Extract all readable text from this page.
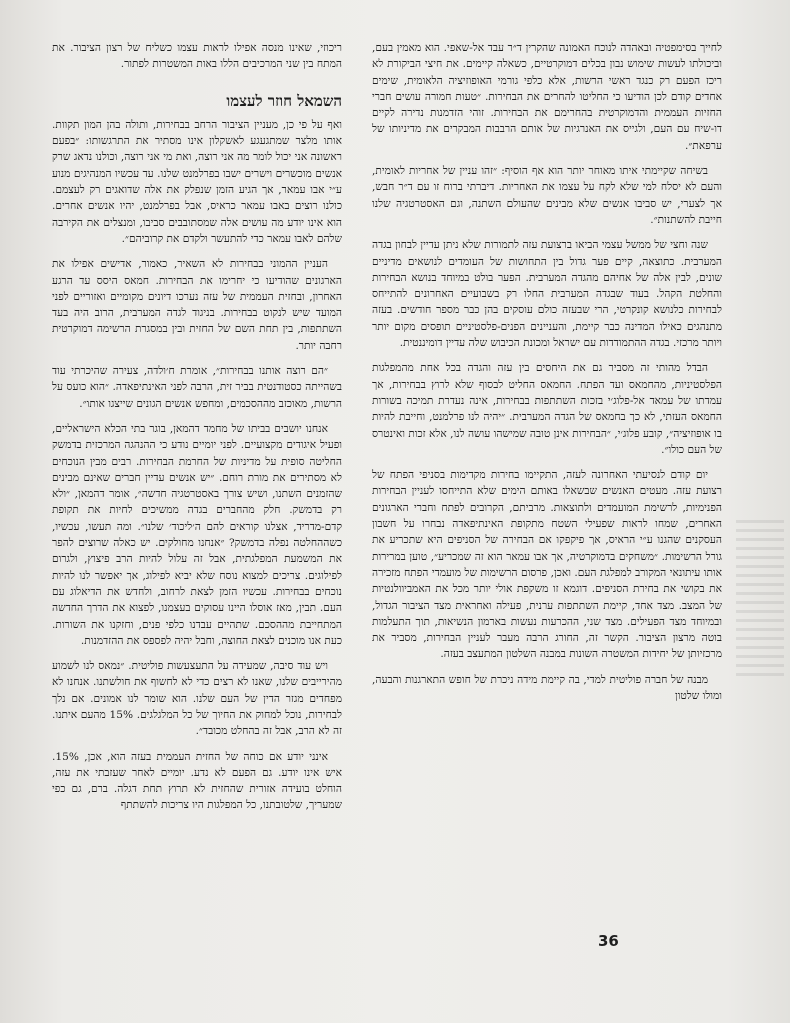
ריכוזי, שאינו מנסה אפילו לראות עצמו כשליח של רצון הציבור. את המתח בין שני המרכיבים הללו באות המשטרות לפתור.

השמאל חוזר לעצמו

ואף על פי כן, מעניין הציבור הרחב בבחירות, ותולה בהן המון תקוות. אותו מלצר שמתגעגע לאשקלון אינו מסתיר את התרגשותו: ״בפעם ראשונה אני יכול לומר מה אני רוצה, ואת מי אני רוצה, וכולנו נדאג שרק אנשים מוכשרים וישרים ישבו בפרלמנט שלנו. עד עכשיו המנהיגים מנוע ע״י אבו עמאר, אך הגיע הזמן שנפלק את אלה שדואגים רק לעצמם. כולנו רוצים באבו עמאר כראיס, אבל בפרלמנט, יהיו אנשים אחרים. הוא אינו יודע מה עושים אלה שמסתובבים סביבו, ומנצלים את הקירבה שלהם לאבו עמאר כדי להתעשר ולקדם את קרוביהם״.

העניין ההמוני בבחירות לא השאיר, כאמור, אדישים אפילו את הארגונים שהודיעו כי יחרימו את הבחירות. חמאס היסס עד הרגע האחרון, ובחזית העממית של עזה נערכו דיונים מקומיים ואזוריים לפני המועד שיש לנקוט בבחירות. בניגוד לגדה המערבית, הרוב היה בעד השתתפות, בין תחת השם של החזית ובין במסגרת הרשימה דמוקרטית רחבה יותר.

״הם רוצה אותנו בבחירות״, אומרת ח׳ולדה, צעירה שהיכרתי עוד בשהייתה כסטודנטית בביר זית, הרבה לפני האינתיפאדה. ״הוא כועס על הרשות, מאוכזב מההסכמים, ומחפש אנשים הגונים שייצגו אותו״.

אנחנו יושבים בביתו של מחמד דהמאן, בוגר בתי הכלא הישראליים, ופעיל איגודים מקצועיים. לפני יומיים נודע כי ההנהגה המרכזית בדמשק החליטה סופית על מדיניות של החרמת הבחירות. רבים מבין הנוכחים לא מסתירים את מורת רוחם. ״יש אנשים עדיין חברים שאינם מבינים שהזמנים השתנו, ושיש צורך באסטרטגיה חדשה״, אומר דהמאן, ״ולא רק בדמשק. חלק מהחברים בגדה ממשיכים לחיות את תקופת קדם-מדריד, אצלנו קוראים להם ה׳ליכוד׳ שלנו״. ומה תעשו, עכשיו, כשההחלטה נפלה בדמשק? ״אנחנו מחולקים. יש כאלה שרוצים להפר את המשמעת המפלגתית, אבל זה עלול להיות הרב פיצוץ, ולגרום לפילוגים. צריכים למצוא נוסח שלא יביא לפילוג, אך יאפשר לנו להיות נוכחים בבחירות. עכשיו הזמן לצאת לרחוב, ולחדש את הדיאלוג עם העם. תבין, מאז אוסלו היינו עסוקים בעצמנו, לפצוא את הדרך החדשה המתחייבת מההסכם. שתהיים עבדנו כלפי פנים, וחזקנו את השורות. כעת אנו מוכנים לצאת החוצה, וחבל יהיה לפספס את ההזדמנות.

ויש עוד סיבה, שמעידה על התעצעשות פוליטית. ״נמאס לנו לשמוע מהירייבים שלנו, שאנו לא רצים כדי לא לחשוף את חולשתנו. אנחנו לא מפחדים מגזר הדין של העם שלנו. הוא שומר לנו אמונים. אם נלך לבחירות, נוכל למחוק את החיוך של כל המלגלגים. 15% מהעם איתנו. זה לא הרב, אבל זה בהחלט מכובד״.

אינני יודע אם כוחה של החזית העממית בעזה הוא, אכן, 15%. איש אינו יודע. גם הפעם לא נדע. יומיים לאחר שעזבתי את עזה, הוחלט בועידה אזורית שהחזית לא תרוץ תחת דגלה. ברם, גם כפי שמעריך, שלטובתנו, כל המפלגות היו צריכות להשתתף

לחייך בסימפטיה ובאהדה לנוכח האמונה שהקרין ד״ר עבד אל-שאפי. הוא מאמין בעם, וביכולתו לעשות שימוש נבון בכלים דמוקרטיים, כשאלה קיימים. את חיצי הביקורת לא ריכז הפעם רק כנגד ראשי הרשות, אלא כלפי גורמי האופוזיציה הלאומית, שימים אחדים קודם לכן הודיעו כי החליטו להחרים את הבחירות. ״טעות חמורה עושים חברי החזיות העממית והדמוקרטית בהחרימם את הבחירות. זוהי הזדמנות נדירה לקיים דו-שיח עם העם, ולגייס את האנרגיות של אותם הרבבות המבקרים את מדיניותו של ערפאת״.

בשיחה שקיימתי איתו מאוחר יותר הוא אף הוסיף: ״זהו עניין של אחריות לאומית, והעם לא יסלח למי שלא לקח על עצמו את האחריות. דיברתי ברוח זו עם ד״ר חבש, אך לצערי, יש סביבו אנשים שלא מבינים שהעולם השתנה, וגם האסטרטגיה שלנו חייבת להשתנות״.

שנה וחצי של ממשל עצמי הביאו ברצועת עזה לתמורות שלא ניתן עדיין לבחון בגדה המערבית. כתוצאה, קיים פער גדול בין התחושות של העומדים לנושאים מדיניים שונים, לבין אלה של אחיהם מהגדה המערבית. הפער בולט במיוחד בנושא הבחירות והחלטת הקהל. בעוד שבגדה המערבית החלו רק בשבועיים האחרונים להתייחס לבחירות כלנושא קונקרטי, הרי שבעזה כולם עוסקים בהן כבר מספר חודשים. בעזה מתנהגים כאילו המדינה כבר קיימת, והעניינים הפנים-פלסטיניים תופסים מקום יותר ויותר מרכזי. בגדה ההתמודדות עם ישראל ומכונת הכיבוש שלה עדיין דומיננטית.

הבדל מהותי זה מסביר גם את היחסים בין עזה והגדה בכל אחת מהמפלגות הפלסטיניות, מהחמאס ועד הפתח. החמאס החליט לבסוף שלא לרוץ בבחירות, אך עמדתו של עמאד אל-פלוג׳י בזכות השתתפות בבחירות, אינה נעדרת תמיכה בשורות החמאס העזתי, לא כך בחמאס של הגדה המערבית. ״יהיה לנו פרלמנט, וחייבת להיות בו אופוזיציה״, קובע פלוג׳י, ״הבחירות אינן טובה שמישהו עושה לנו, אלא זכות ואינטרס של העם כולו״.

יום קודם לנסיעתי האחרונה לעזה, התקיימו בחירות מקדימות בסניפי הפתח של רצועת עזה. מעטים האנשים שבשאלו באותם הימים שלא התייחסו לעניין הבחירות הפנימיות, לרשימת המועמדים ולתוצאות. מרביתם, הקרובים לפתח וחברי הארגונים האחרים, שמחו לראות שפעילי השטח מתקופת האינתיפאדה נבחרו על חשבון העסקנים שהגנו ע״י הראיס, אך פיקפקו אם הבחירה של הסניפים היא שתכריע את גורל הרשימות. ״משחקים בדמוקרטיה, אך אבו עמאר הוא זה שמכריע״, טוען במרירות אותו עיתונאי המקורב למפלגת העם. ואכן, פרסום הרשימות של מועמדי הפתח מזכירה את בקושי את בחירת הסניפים. דוגמא זו משקפת אולי יותר מכל את האמביוולנטיות של המצב. מצד אחד, קיימת השתתפות ערנית, פעילה ואחראית מצד הציבור הגדול, ובמיוחד מצד הפעילים. מצד שני, ההכרעות נעשות בארמון הנשיאות, תוך התעלמות בוטה מרצון הציבור. הקשר זה, החורג הרבה מעבר לעניין הבחירות, מסביר את מרכזיותן של יחידות המשטרה השונות במבנה השלטון המתעצב בעזה.

מבנה של חברה פוליטית למדי, בה קיימת מידה ניכרת של חופש התארגנות והבעה, ומולו שלטון

36
